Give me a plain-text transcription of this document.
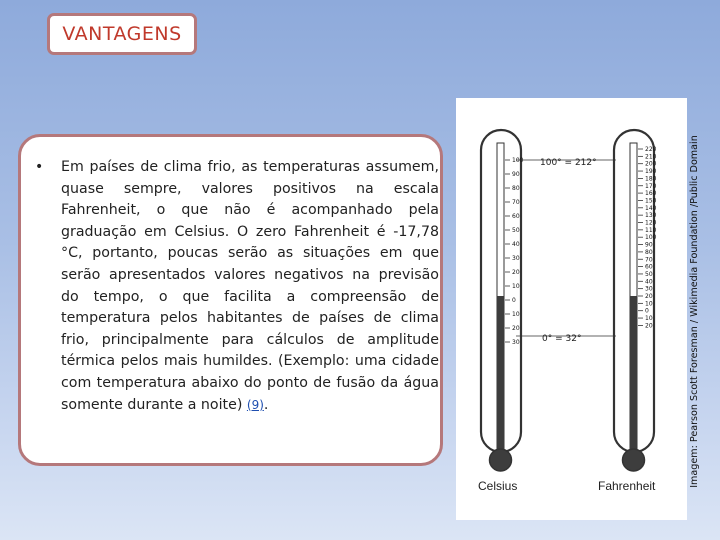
VANTAGENS
• Em países de clima frio, as temperaturas assumem, quase sempre, valores positivos na escala Fahrenheit, o que não é acompanhado pela graduação em Celsius. O zero Fahrenheit é -17,78 °C, portanto, poucas serão as situações em que serão apresentados valores negativos na previsão do tempo, o que facilita a compreensão de temperatura pelos habitantes de países de clima frio, principalmente para cálculos de amplitude térmica pelos mais humildes. (Exemplo: uma cidade com temperatura abaixo do ponto de fusão da água somente durante a noite) (9).
100
90
80
70
60
50
40
30
20
10
0
10
20
30
220
210
200
190
180
170
160
150
140
130
120
110
100
90
80
70
60
50
40
30
20
10
0
10
20
100° = 212°
0° = 32°
Celsius	Fahrenheit	Imagem: Pearson Scott Foresman / Wikimedia Foundation /Public Domain
